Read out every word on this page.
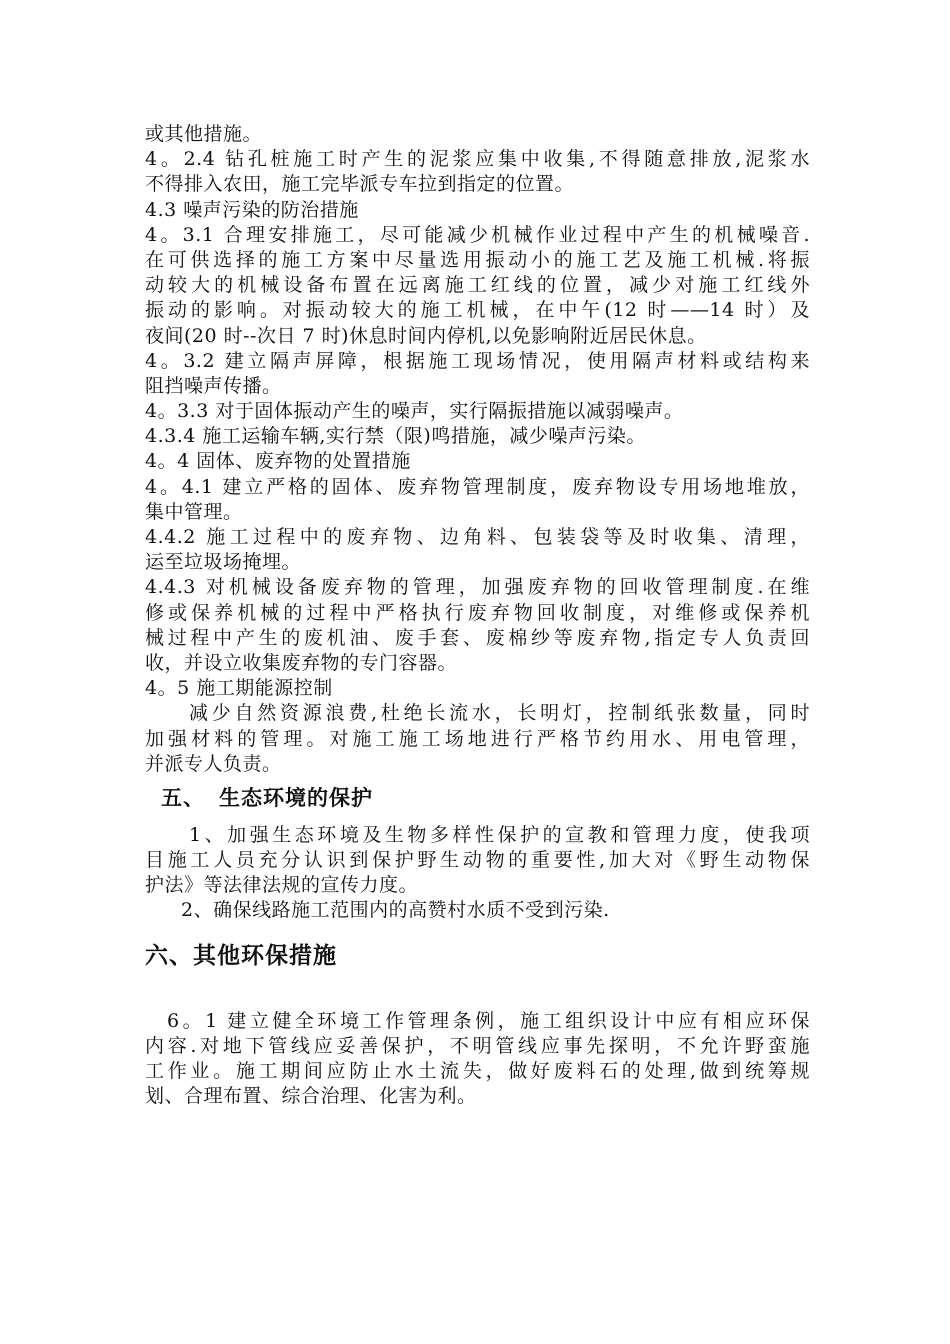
或其他措施。
4。2.4 钻孔桩施工时产生的泥浆应集中收集,不得随意排放,泥浆水
不得排入农田，施工完毕派专车拉到指定的位置。
4.3 噪声污染的防治措施
4。3.1 合理安排施工，尽可能减少机械作业过程中产生的机械噪音.
在可供选择的施工方案中尽量选用振动小的施工艺及施工机械.将振
动较大的机械设备布置在远离施工红线的位置，减少对施工红线外
振动的影响。对振动较大的施工机械，在中午(12 时——14 时）及
夜间(20 时--次日 7 时)休息时间内停机,以免影响附近居民休息。
4。3.2 建立隔声屏障，根据施工现场情况，使用隔声材料或结构来
阻挡噪声传播。
4。3.3 对于固体振动产生的噪声，实行隔振措施以减弱噪声。
4.3.4 施工运输车辆,实行禁（限)鸣措施，减少噪声污染。
4。4 固体、废弃物的处置措施
4。4.1 建立严格的固体、废弃物管理制度，废弃物设专用场地堆放，
集中管理。
4.4.2 施工过程中的废弃物、边角料、包装袋等及时收集、清理，
运至垃圾场掩埋。
4.4.3 对机械设备废弃物的管理，加强废弃物的回收管理制度.在维
修或保养机械的过程中严格执行废弃物回收制度，对维修或保养机
械过程中产生的废机油、废手套、废棉纱等废弃物,指定专人负责回
收，并设立收集废弃物的专门容器。
4。5 施工期能源控制
减少自然资源浪费,杜绝长流水，长明灯，控制纸张数量，同时
加强材料的管理。对施工施工场地进行严格节约用水、用电管理，
并派专人负责。
五、 生态环境的保护
1、加强生态环境及生物多样性保护的宣教和管理力度，使我项
目施工人员充分认识到保护野生动物的重要性,加大对《野生动物保
护法》等法律法规的宣传力度。
2、确保线路施工范围内的高赞村水质不受到污染.
六、其他环保措施
6。1 建立健全环境工作管理条例，施工组织设计中应有相应环保
内容.对地下管线应妥善保护，不明管线应事先探明，不允许野蛮施
工作业。施工期间应防止水土流失，做好废料石的处理,做到统筹规
划、合理布置、综合治理、化害为利。
